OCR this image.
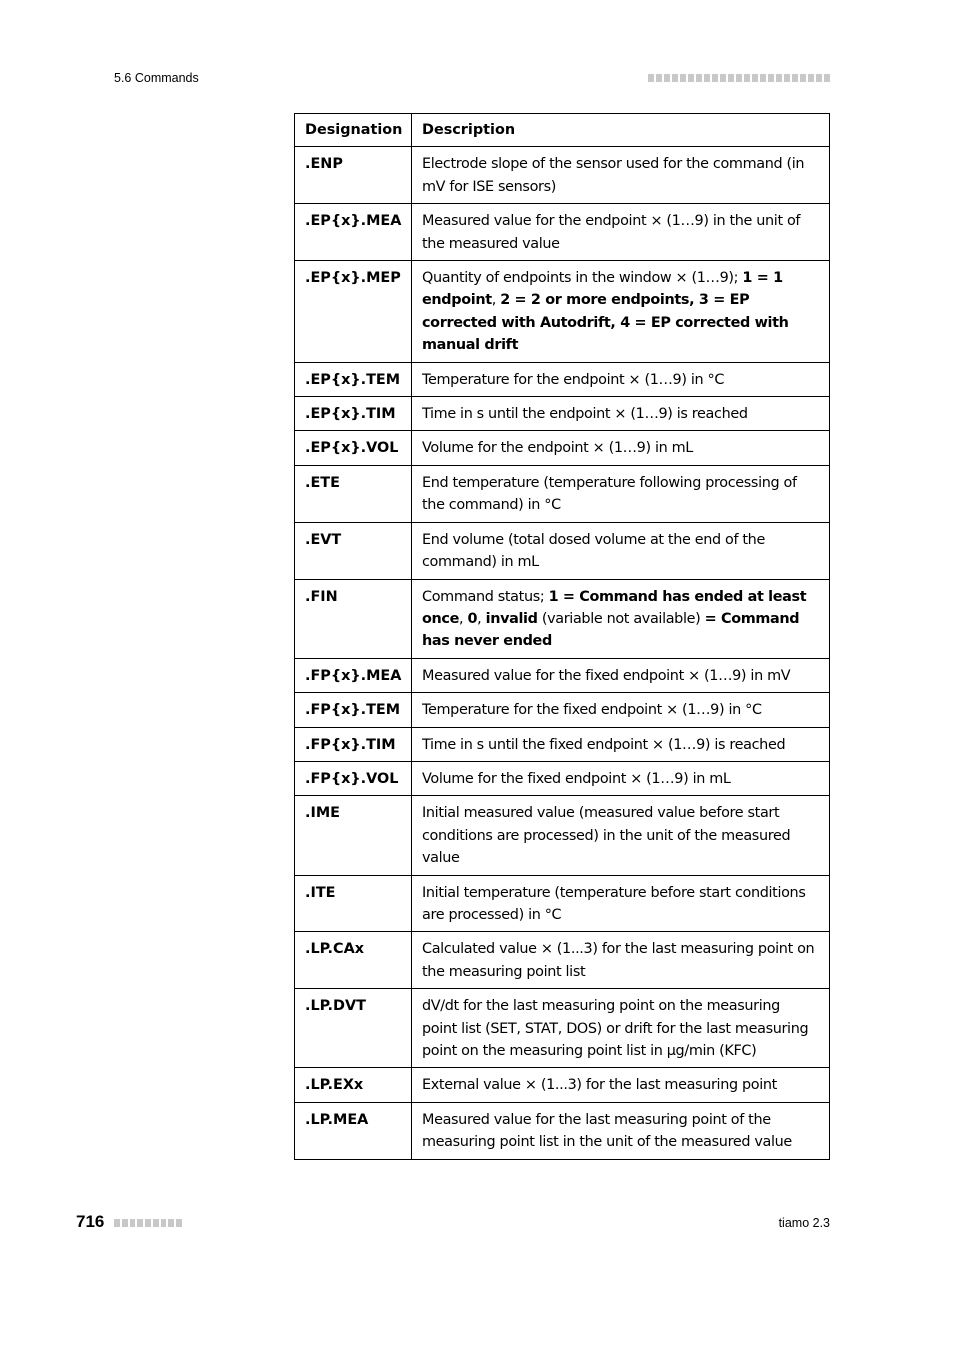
5.6 Commands
Designation	Description
.ENP	Electrode slope of the sensor used for the command (in mV for ISE sensors)
.EP{x}.MEA	Measured value for the endpoint × (1…9) in the unit of the measured value
.EP{x}.MEP	Quantity of endpoints in the window × (1…9); 1 = 1 endpoint, 2 = 2 or more endpoints, 3 = EP corrected with Autodrift, 4 = EP corrected with manual drift
.EP{x}.TEM	Temperature for the endpoint × (1…9) in °C
.EP{x}.TIM	Time in s until the endpoint × (1…9) is reached
.EP{x}.VOL	Volume for the endpoint × (1…9) in mL
.ETE	End temperature (temperature following processing of the command) in °C
.EVT	End volume (total dosed volume at the end of the command) in mL
.FIN	Command status; 1 = Command has ended at least once, 0, invalid (variable not available) = Command has never ended
.FP{x}.MEA	Measured value for the fixed endpoint × (1…9) in mV
.FP{x}.TEM	Temperature for the fixed endpoint × (1…9) in °C
.FP{x}.TIM	Time in s until the fixed endpoint × (1…9) is reached
.FP{x}.VOL	Volume for the fixed endpoint × (1…9) in mL
.IME	Initial measured value (measured value before start conditions are processed) in the unit of the measured value
.ITE	Initial temperature (temperature before start conditions are processed) in °C
.LP.CAx	Calculated value × (1...3) for the last measuring point on the measuring point list
.LP.DVT	dV/dt for the last measuring point on the measuring point list (SET, STAT, DOS) or drift for the last measuring point on the measuring point list in µg/min (KFC)
.LP.EXx	External value × (1...3) for the last measuring point
.LP.MEA	Measured value for the last measuring point of the measuring point list in the unit of the measured value
716	tiamo 2.3
